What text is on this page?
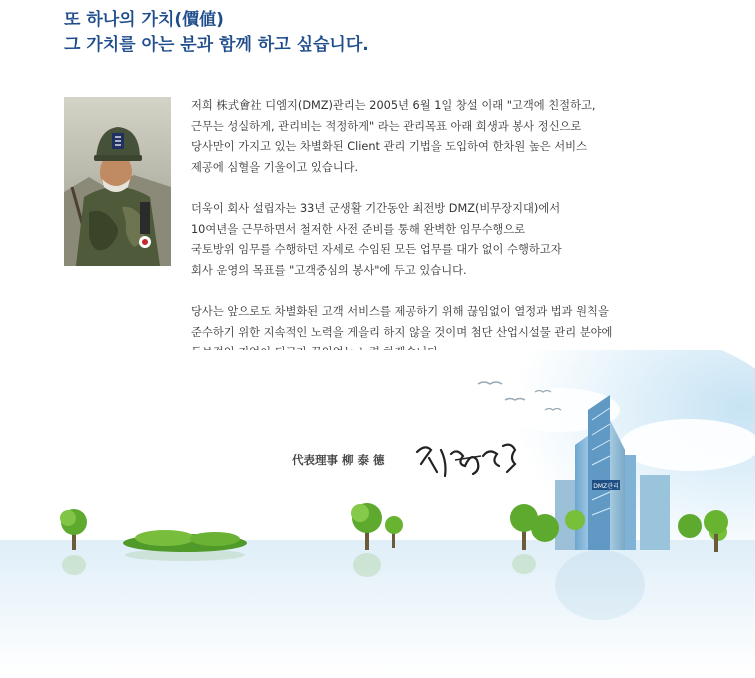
또 하나의 가치(價値)
그 가치를 아는 분과 함께 하고 싶습니다.

저희 株式會社 디엠지(DMZ)관리는 2005년 6월 1일 창설 이래 "고객에 친절하고,
근무는 성실하게, 관리비는 적정하게" 라는 관리목표 아래 희생과 봉사 정신으로
당사만이 가지고 있는 차별화된 Client 관리 기법을 도입하여 한차원 높은 서비스
제공에 심혈을 기울이고 있습니다.

더욱이 회사 설립자는 33년 군생활 기간동안 최전방 DMZ(비무장지대)에서
10여년을 근무하면서 철저한 사전 준비를 통해 완벽한 임무수행으로
국토방위 임무를 수행하던 자세로 수임된 모든 업무를 대가 없이 수행하고자
회사 운영의 목표를 "고객중심의 봉사"에 두고 있습니다.

당사는 앞으로도 차별화된 고객 서비스를 제공하기 위해 끊임없이 열정과 법과 원칙을
준수하기 위한 지속적인 노력을 게을리 하지 않을 것이며 첨단 산업시설물 관리 분야에

DMZ관리
代表理事 柳 泰 德
